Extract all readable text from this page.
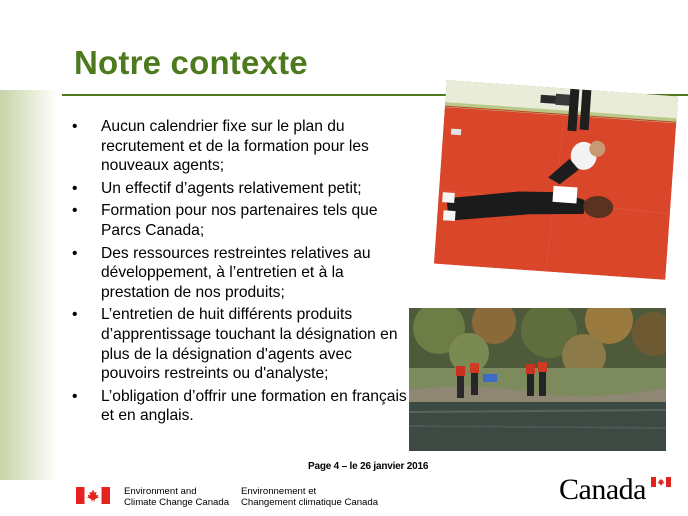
Notre contexte
• Aucun calendrier fixe sur le plan du recrutement et de la formation pour les nouveaux agents;
• Un effectif d’agents relativement petit;
• Formation pour nos partenaires tels que Parcs Canada;
• Des ressources restreintes relatives au développement, à l’entretien et à la prestation de nos produits;
• L’entretien de huit différents produits d’apprentissage touchant la désignation en plus de la désignation d'agents avec pouvoirs restreints ou d'analyste;
• L’obligation d’offrir une formation en français et en anglais.
Page 4 – le 26 janvier 2016
Environment and
Climate Change Canada
Environnement et
Changement climatique Canada	Canada
